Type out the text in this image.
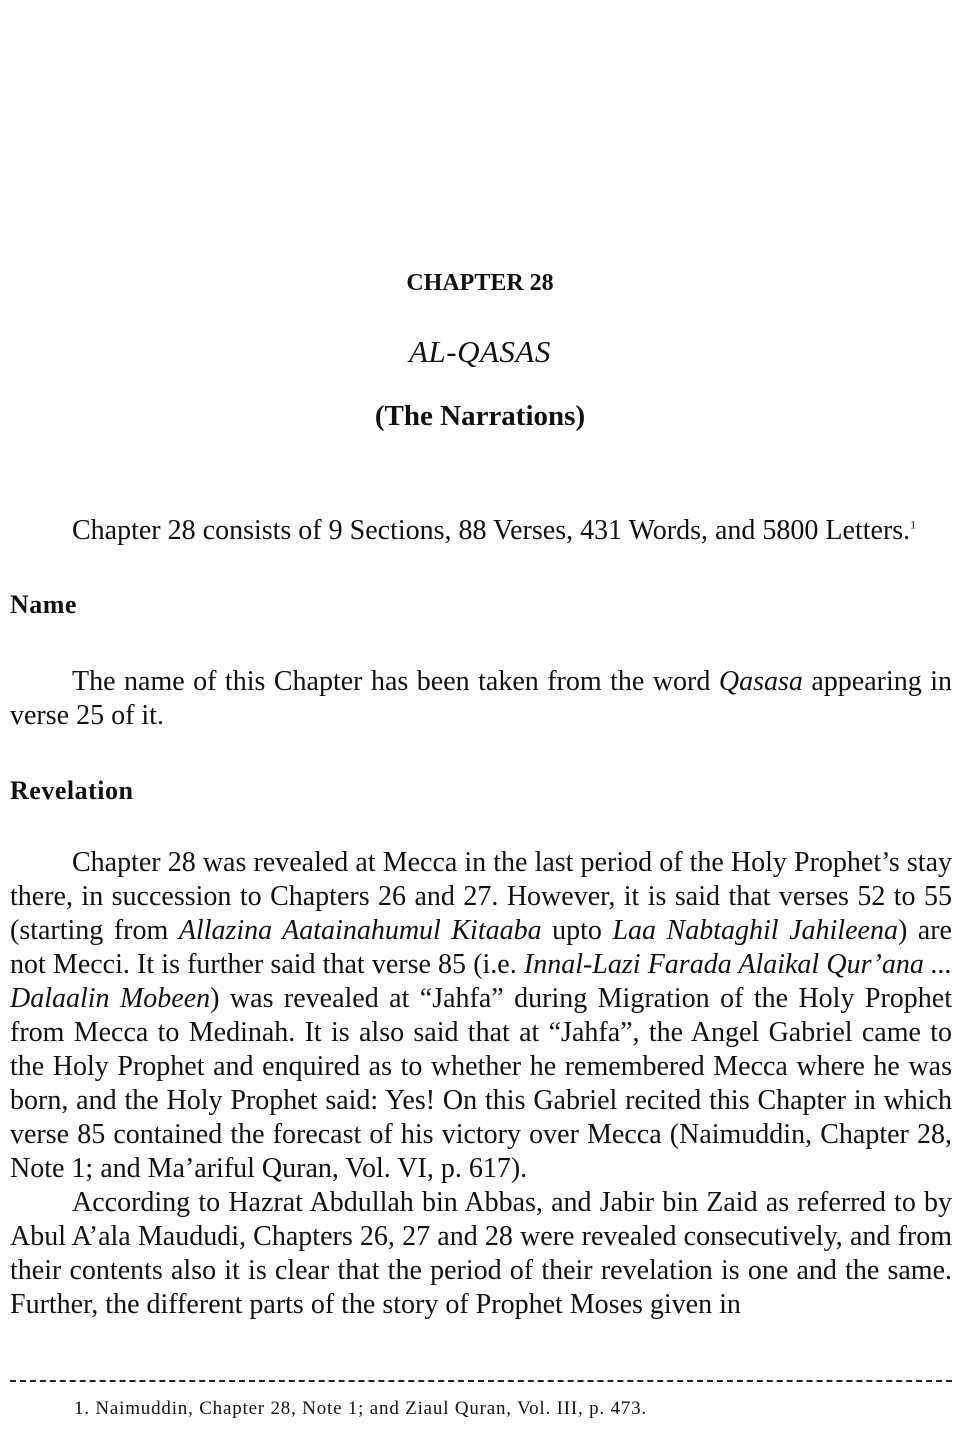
CHAPTER 28
AL-QASAS
(The Narrations)
Chapter 28 consists of 9 Sections, 88 Verses, 431 Words, and 5800 Letters.$^1$
Name
The name of this Chapter has been taken from the word Qasasa appearing in verse 25 of it.
Revelation

Chapter 28 was revealed at Mecca in the last period of the Holy Prophet’s stay there, in succession to Chapters 26 and 27. However, it is said that verses 52 to 55 (starting from Allazina Aatainahumul Kitaaba upto Laa Nabtaghil Jahileena) are not Mecci. It is further said that verse 85 (i.e. Innal-Lazi Farada Alaikal Qur’ana ... Dalaalin Mobeen) was revealed at “Jahfa” during Migration of the Holy Prophet from Mecca to Medinah. It is also said that at “Jahfa”, the Angel Gabriel came to the Holy Prophet and enquired as to whether he remembered Mecca where he was born, and the Holy Prophet said: Yes! On this Gabriel recited this Chapter in which verse 85 contained the forecast of his victory over Mecca (Naimuddin, Chapter 28, Note 1; and Ma’ariful Quran, Vol. VI, p. 617).

According to Hazrat Abdullah bin Abbas, and Jabir bin Zaid as referred to by Abul A’ala Maududi, Chapters 26, 27 and 28 were revealed consecutively, and from their contents also it is clear that the period of their revelation is one and the same. Further, the different parts of the story of Prophet Moses given in

1. Naimuddin, Chapter 28, Note 1; and Ziaul Quran, Vol. III, p. 473.
